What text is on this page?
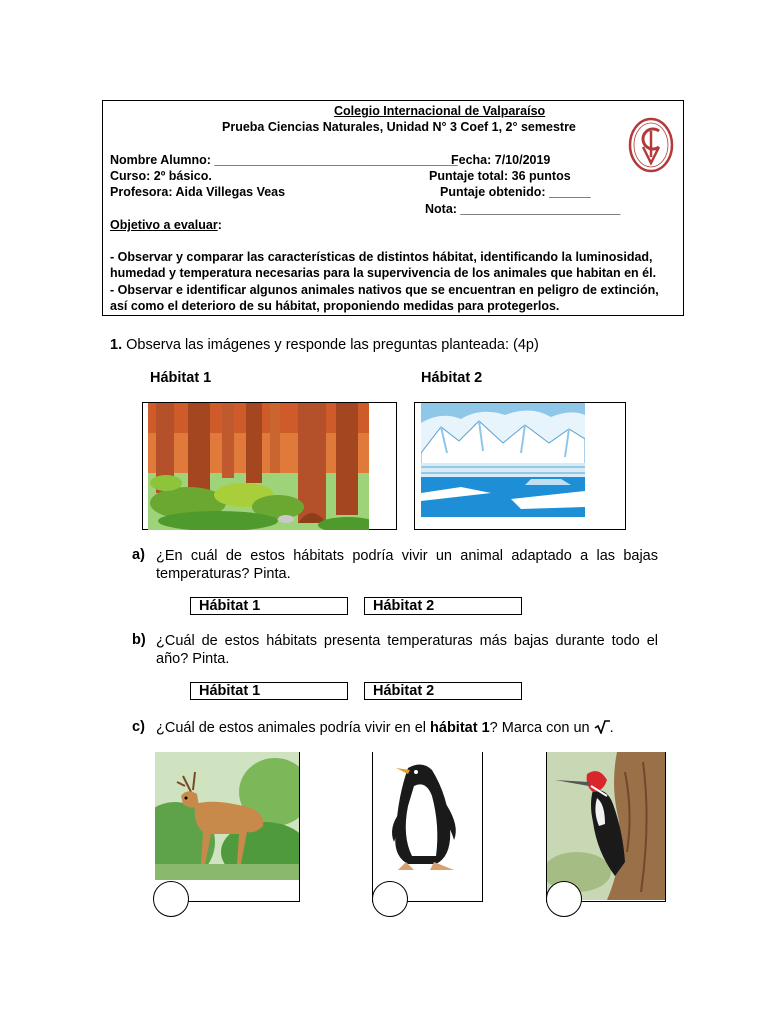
Colegio Internacional de Valparaíso
Prueba Ciencias Naturales, Unidad N° 3 Coef 1, 2° semestre
Nombre Alumno: ___________________________________
Fecha: 7/10/2019
Curso: 2º básico.	Puntaje total: 36 puntos
Profesora: Aida Villegas Veas	Puntaje obtenido: ______
Nota: _______________________
Objetivo a evaluar:
- Observar y comparar las características de distintos hábitat, identificando la luminosidad,
humedad y temperatura necesarias para la supervivencia de los animales que habitan en él.
- Observar e identificar algunos animales nativos que se encuentran en peligro de extinción,
así como el deterioro de su hábitat, proponiendo medidas para protegerlos.
1. Observa las imágenes y responde las preguntas planteada: (4p)
Hábitat 1	Hábitat 2
a) ¿En cuál de estos hábitats podría vivir un animal adaptado a las bajas temperaturas? Pinta.
Hábitat 1	Hábitat 2
b) ¿Cuál de estos hábitats presenta temperaturas más bajas durante todo el año? Pinta.
Hábitat 1	Hábitat 2
c) ¿Cuál de estos animales podría vivir en el hábitat 1? Marca con un .
